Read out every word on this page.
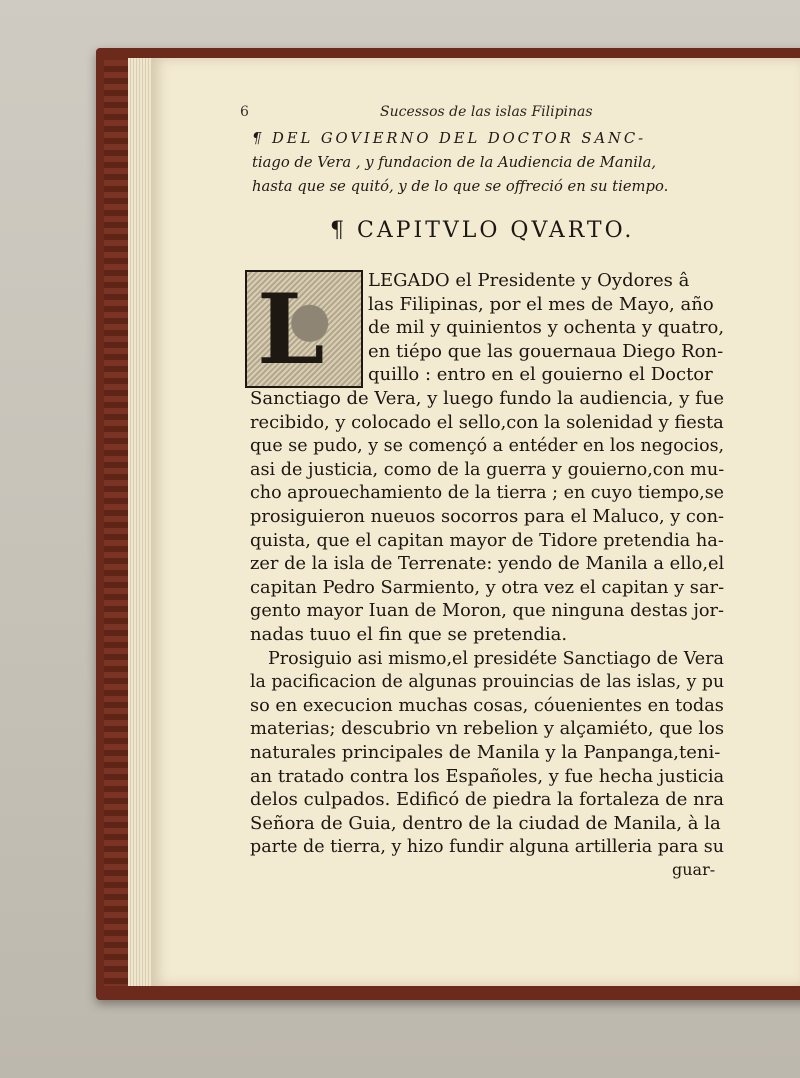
6	Sucessos de las islas Filipinas
¶ DEL GOVIERNO DEL DOCTOR SANC-
tiago de Vera , y fundacion de la Audiencia de Manila,
hasta que se quitó, y de lo que se offreció en su tiempo.
¶ CAPITVLO QVARTO.
L LEGADO el Presidente y Oydores â
las Filipinas, por el mes de Mayo, año
de mil y quinientos y ochenta y quatro,
en tiépo que las gouernaua Diego Ron-
quillo : entro en el gouierno el Doctor
Sanctiago de Vera, y luego fundo la audiencia, y fue
recibido, y colocado el sello,con la solenidad y fiesta
que se pudo, y se començó a entéder en los negocios,
asi de justicia, como de la guerra y gouierno,con mu-
cho aprouechamiento de la tierra ; en cuyo tiempo,se
prosiguieron nueuos socorros para el Maluco, y con-
quista, que el capitan mayor de Tidore pretendia ha-
zer de la isla de Terrenate: yendo de Manila a ello,el
capitan Pedro Sarmiento, y otra vez el capitan y sar-
gento mayor Iuan de Moron, que ninguna destas jor-
nadas tuuo el fin que se pretendia.
Prosiguio asi mismo,el presidéte Sanctiago de Vera
la pacificacion de algunas prouincias de las islas, y pu
so en execucion muchas cosas, cóuenientes en todas
materias; descubrio vn rebelion y alçamiéto, que los
naturales principales de Manila y la Panpanga,teni-
an tratado contra los Españoles, y fue hecha justicia
delos culpados. Edificó de piedra la fortaleza de nra
Señora de Guia, dentro de la ciudad de Manila, à la
parte de tierra, y hizo fundir alguna artilleria para su
guar-
